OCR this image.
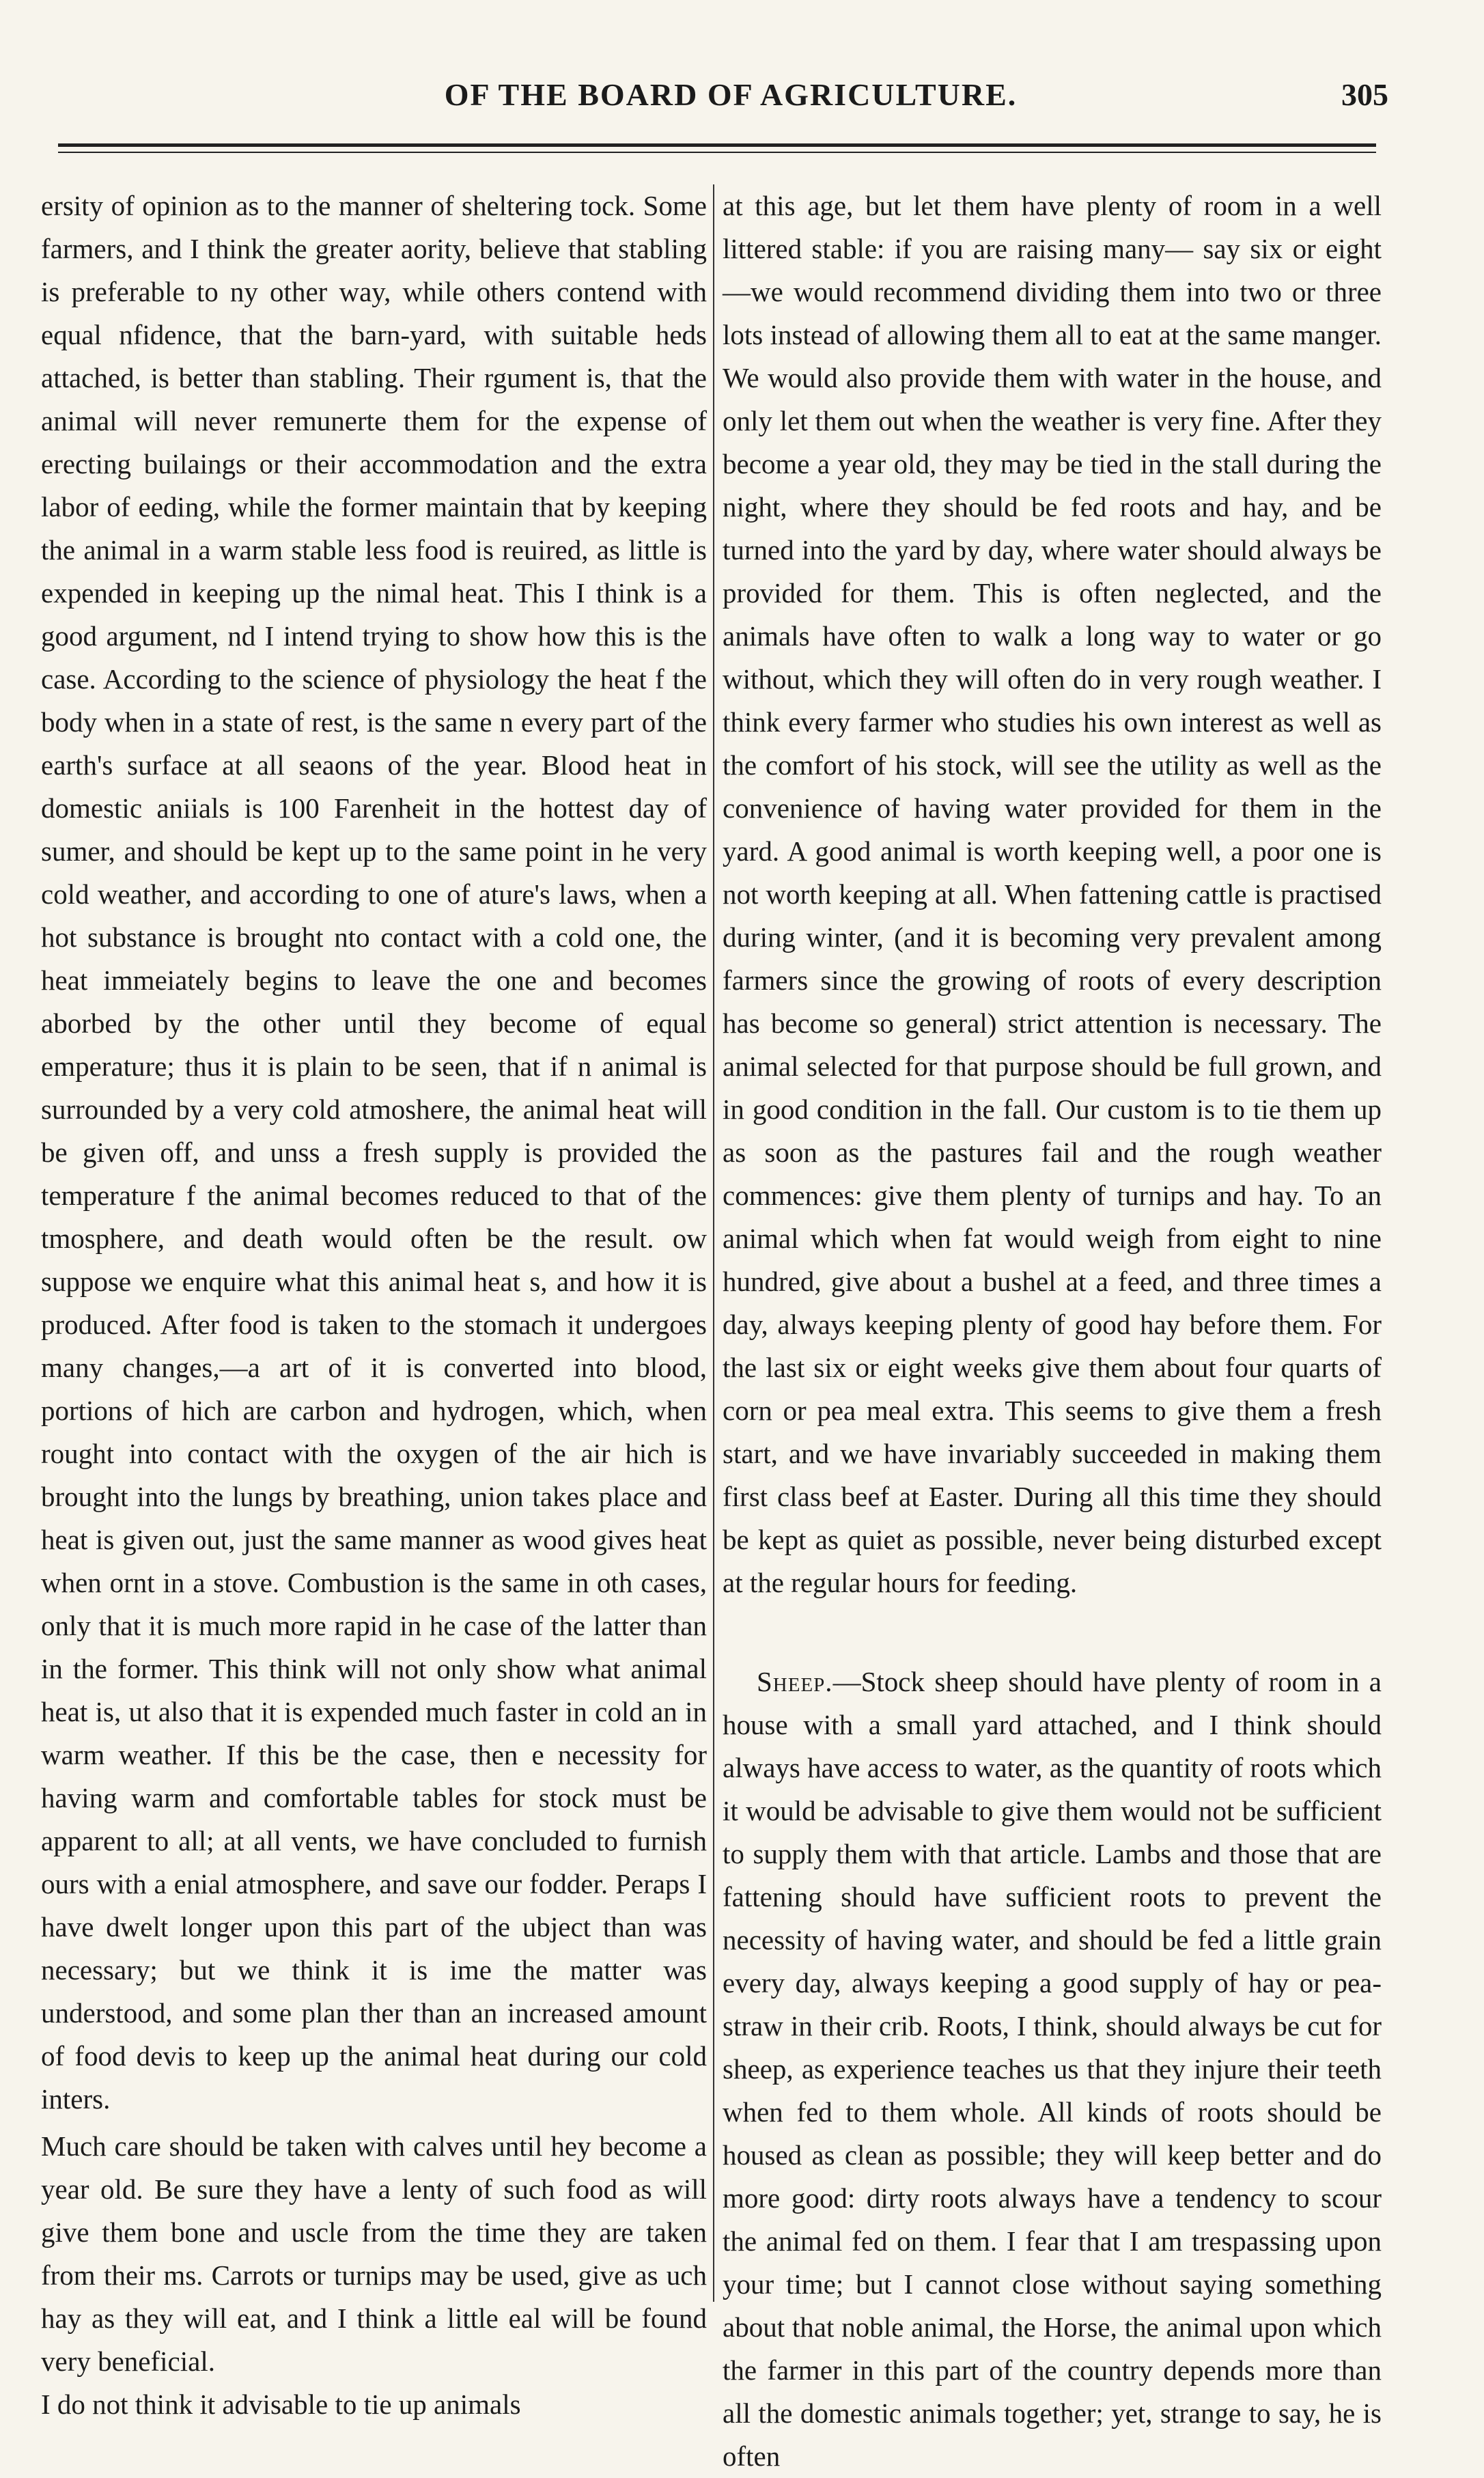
OF THE BOARD OF AGRICULTURE.	305

ersity of opinion as to the manner of sheltering tock. Some farmers, and I think the greater aority, believe that stabling is preferable to ny other way, while others contend with equal nfidence, that the barn-yard, with suitable heds attached, is better than stabling. Their rgument is, that the animal will never remunerte them for the expense of erecting builaings or their accommodation and the extra labor of eeding, while the former maintain that by keeping the animal in a warm stable less food is reuired, as little is expended in keeping up the nimal heat. This I think is a good argument, nd I intend trying to show how this is the case. According to the science of physiology the heat f the body when in a state of rest, is the same n every part of the earth's surface at all seaons of the year. Blood heat in domestic aniials is 100 Farenheit in the hottest day of sumer, and should be kept up to the same point in he very cold weather, and according to one of ature's laws, when a hot substance is brought nto contact with a cold one, the heat immeiately begins to leave the one and becomes aborbed by the other until they become of equal emperature; thus it is plain to be seen, that if n animal is surrounded by a very cold atmoshere, the animal heat will be given off, and unss a fresh supply is provided the temperature f the animal becomes reduced to that of the tmosphere, and death would often be the result. ow suppose we enquire what this animal heat s, and how it is produced. After food is taken to the stomach it undergoes many changes,—a art of it is converted into blood, portions of hich are carbon and hydrogen, which, when rought into contact with the oxygen of the air hich is brought into the lungs by breathing, union takes place and heat is given out, just the same manner as wood gives heat when ornt in a stove. Combustion is the same in oth cases, only that it is much more rapid in he case of the latter than in the former. This think will not only show what animal heat is, ut also that it is expended much faster in cold an in warm weather. If this be the case, then e necessity for having warm and comfortable tables for stock must be apparent to all; at all vents, we have concluded to furnish ours with a enial atmosphere, and save our fodder. Peraps I have dwelt longer upon this part of the ubject than was necessary; but we think it is ime the matter was understood, and some plan ther than an increased amount of food devis to keep up the animal heat during our cold inters.

Much care should be taken with calves until hey become a year old. Be sure they have a lenty of such food as will give them bone and uscle from the time they are taken from their ms. Carrots or turnips may be used, give as uch hay as they will eat, and I think a little eal will be found very beneficial.

I do not think it advisable to tie up animals

at this age, but let them have plenty of room in a well littered stable: if you are raising many— say six or eight—we would recommend dividing them into two or three lots instead of allowing them all to eat at the same manger. We would also provide them with water in the house, and only let them out when the weather is very fine. After they become a year old, they may be tied in the stall during the night, where they should be fed roots and hay, and be turned into the yard by day, where water should always be provided for them. This is often neglected, and the animals have often to walk a long way to water or go without, which they will often do in very rough weather. I think every farmer who studies his own interest as well as the comfort of his stock, will see the utility as well as the convenience of having water provided for them in the yard. A good animal is worth keeping well, a poor one is not worth keeping at all. When fattening cattle is practised during winter, (and it is becoming very prevalent among farmers since the growing of roots of every description has become so general) strict attention is necessary. The animal selected for that purpose should be full grown, and in good condition in the fall. Our custom is to tie them up as soon as the pastures fail and the rough weather commences: give them plenty of turnips and hay. To an animal which when fat would weigh from eight to nine hundred, give about a bushel at a feed, and three times a day, always keeping plenty of good hay before them. For the last six or eight weeks give them about four quarts of corn or pea meal extra. This seems to give them a fresh start, and we have invariably succeeded in making them first class beef at Easter. During all this time they should be kept as quiet as possible, never being disturbed except at the regular hours for feeding.

Sheep.—Stock sheep should have plenty of room in a house with a small yard attached, and I think should always have access to water, as the quantity of roots which it would be advisable to give them would not be sufficient to supply them with that article. Lambs and those that are fattening should have sufficient roots to prevent the necessity of having water, and should be fed a little grain every day, always keeping a good supply of hay or pea-straw in their crib. Roots, I think, should always be cut for sheep, as experience teaches us that they injure their teeth when fed to them whole. All kinds of roots should be housed as clean as possible; they will keep better and do more good: dirty roots always have a tendency to scour the animal fed on them. I fear that I am trespassing upon your time; but I cannot close without saying something about that noble animal, the Horse, the animal upon which the farmer in this part of the country depends more than all the domestic animals together; yet, strange to say, he is often
